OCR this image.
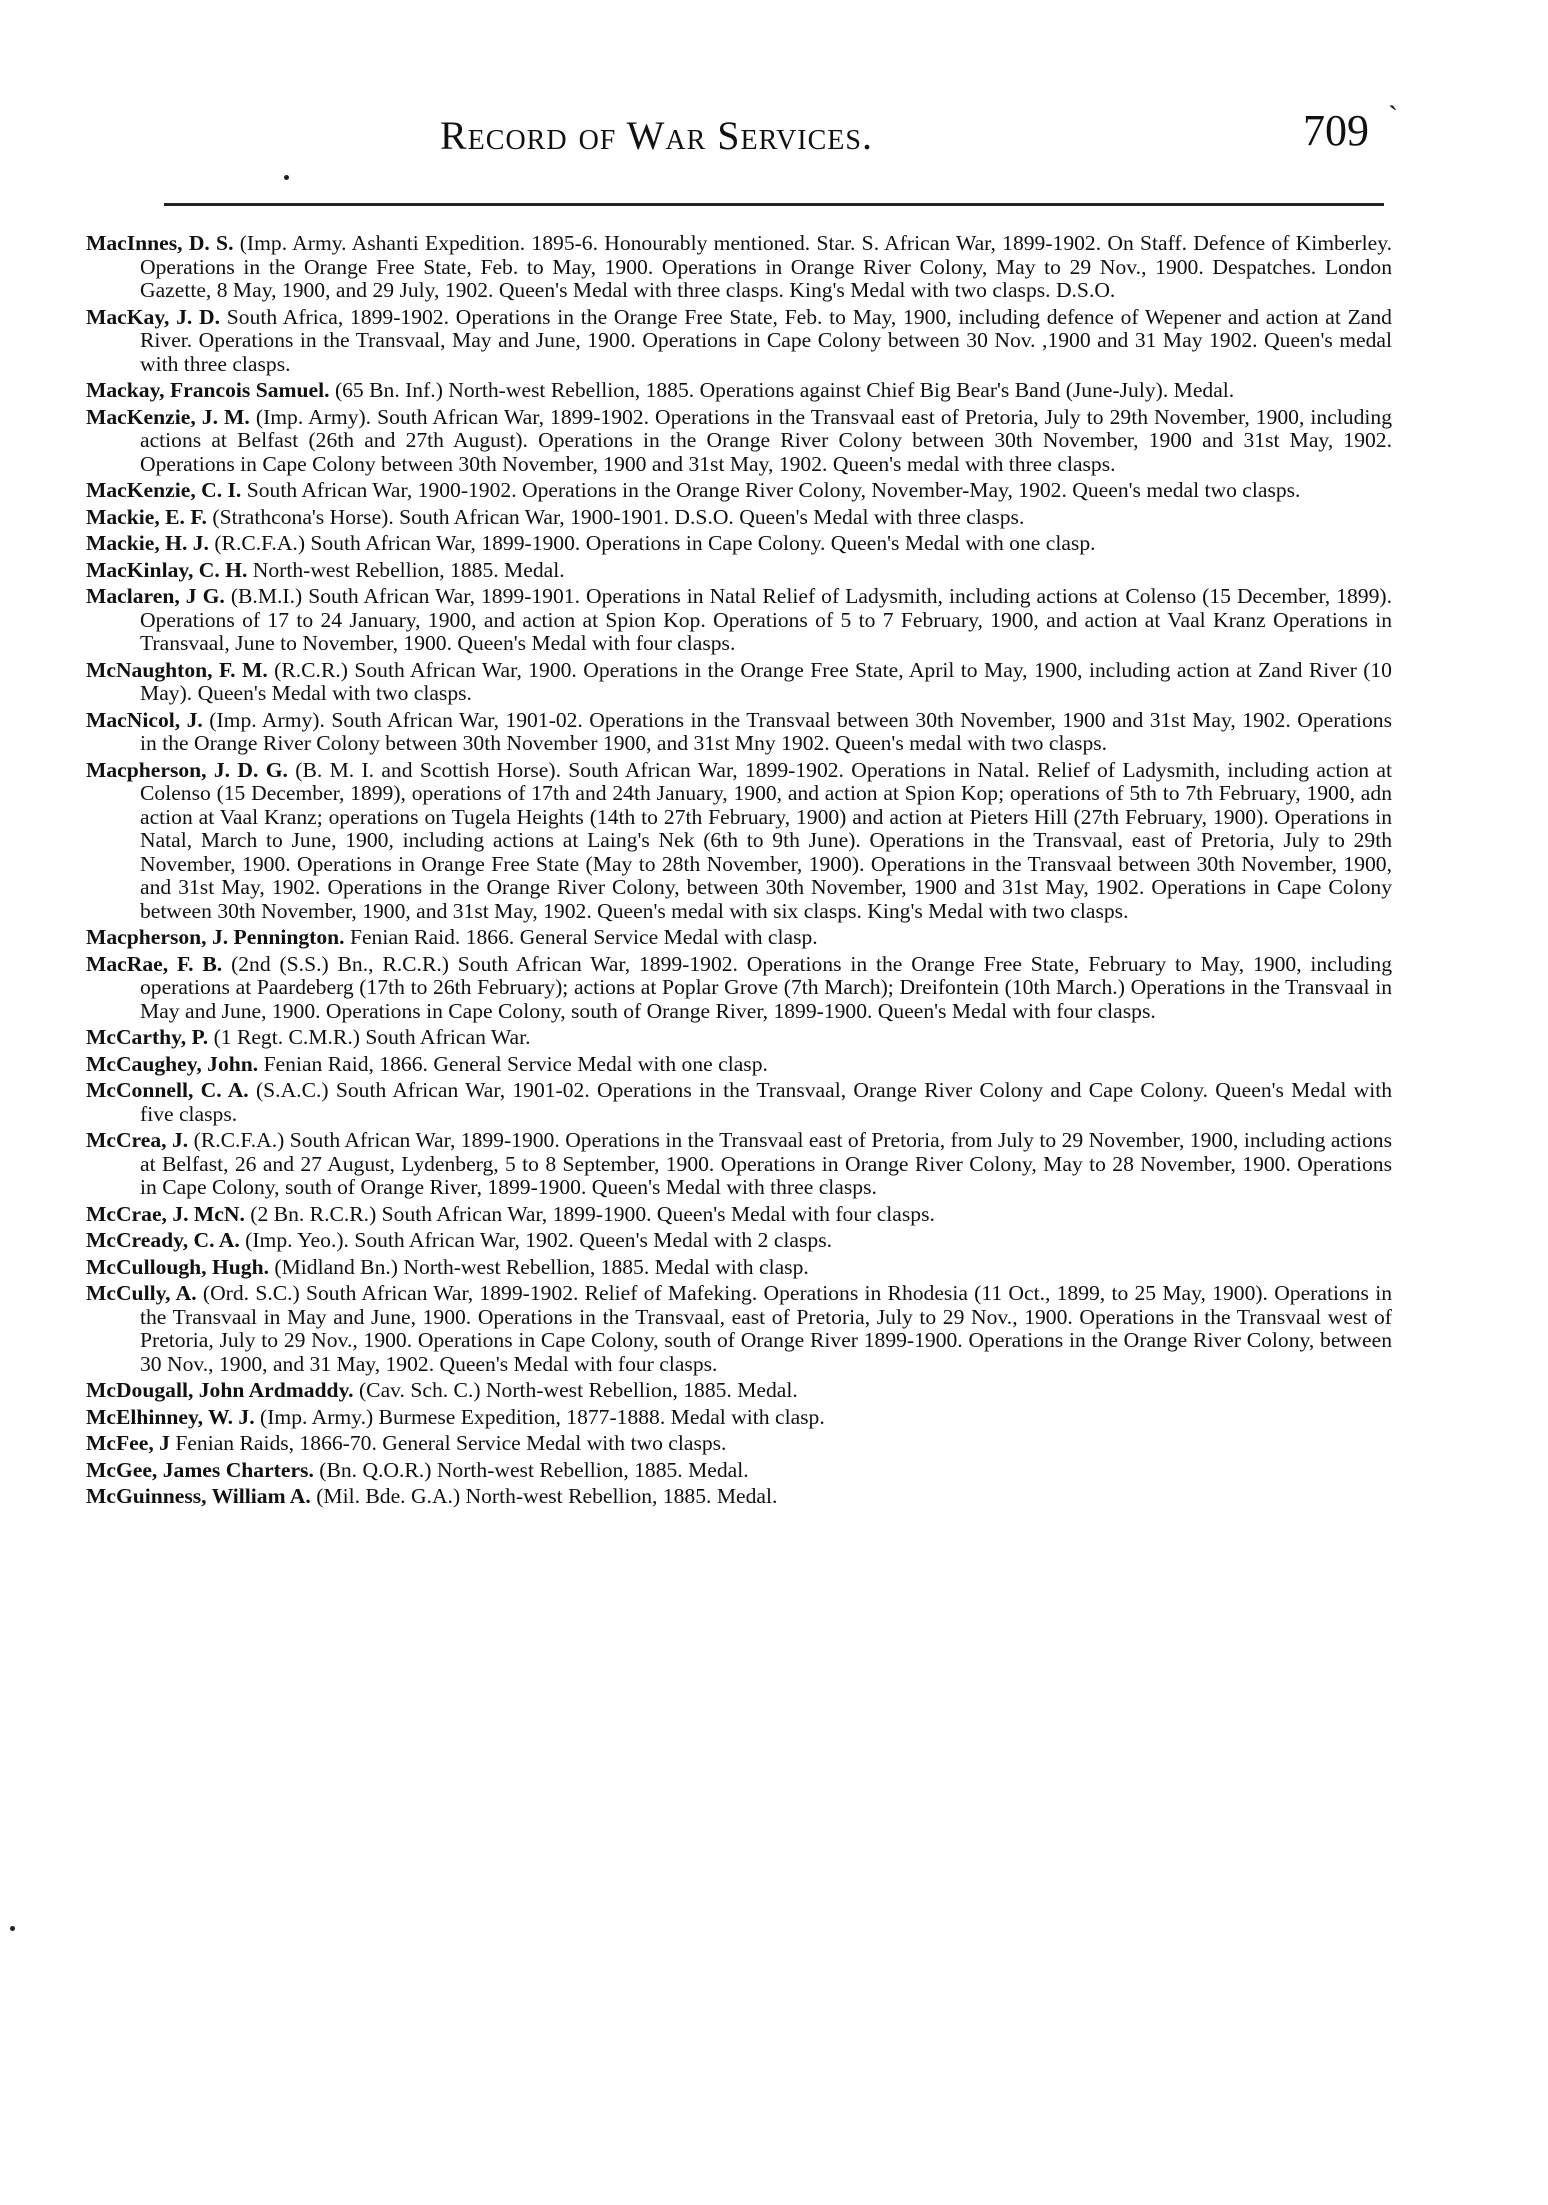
Record of War Services.	709 `

MacInnes, D. S. (Imp. Army. Ashanti Expedition. 1895-6. Honourably mentioned. Star. S. African War, 1899-1902. On Staff. Defence of Kimberley. Operations in the Orange Free State, Feb. to May, 1900. Operations in Orange River Colony, May to 29 Nov., 1900. Despatches. London Gazette, 8 May, 1900, and 29 July, 1902. Queen's Medal with three clasps. King's Medal with two clasps. D.S.O.

MacKay, J. D. South Africa, 1899-1902. Operations in the Orange Free State, Feb. to May, 1900, including defence of Wepener and action at Zand River. Operations in the Transvaal, May and June, 1900. Operations in Cape Colony between 30 Nov. ,1900 and 31 May 1902. Queen's medal with three clasps.

Mackay, Francois Samuel. (65 Bn. Inf.) North-west Rebellion, 1885. Operations against Chief Big Bear's Band (June-July). Medal.

MacKenzie, J. M. (Imp. Army). South African War, 1899-1902. Operations in the Transvaal east of Pretoria, July to 29th November, 1900, including actions at Belfast (26th and 27th August). Operations in the Orange River Colony between 30th November, 1900 and 31st May, 1902. Operations in Cape Colony between 30th November, 1900 and 31st May, 1902. Queen's medal with three clasps.

MacKenzie, C. I. South African War, 1900-1902. Operations in the Orange River Colony, November-May, 1902. Queen's medal two clasps.

Mackie, E. F. (Strathcona's Horse). South African War, 1900-1901. D.S.O. Queen's Medal with three clasps.

Mackie, H. J. (R.C.F.A.) South African War, 1899-1900. Operations in Cape Colony. Queen's Medal with one clasp.

MacKinlay, C. H. North-west Rebellion, 1885. Medal.

Maclaren, J G. (B.M.I.) South African War, 1899-1901. Operations in Natal Relief of Ladysmith, including actions at Colenso (15 December, 1899). Operations of 17 to 24 January, 1900, and action at Spion Kop. Operations of 5 to 7 February, 1900, and action at Vaal Kranz Operations in Transvaal, June to November, 1900. Queen's Medal with four clasps.

McNaughton, F. M. (R.C.R.) South African War, 1900. Operations in the Orange Free State, April to May, 1900, including action at Zand River (10 May). Queen's Medal with two clasps.

MacNicol, J. (Imp. Army). South African War, 1901-02. Operations in the Transvaal between 30th November, 1900 and 31st May, 1902. Operations in the Orange River Colony between 30th November 1900, and 31st Mny 1902. Queen's medal with two clasps.

Macpherson, J. D. G. (B. M. I. and Scottish Horse). South African War, 1899-1902. Operations in Natal. Relief of Ladysmith, including action at Colenso (15 December, 1899), operations of 17th and 24th January, 1900, and action at Spion Kop; operations of 5th to 7th February, 1900, adn action at Vaal Kranz; operations on Tugela Heights (14th to 27th February, 1900) and action at Pieters Hill (27th February, 1900). Operations in Natal, March to June, 1900, including actions at Laing's Nek (6th to 9th June). Operations in the Transvaal, east of Pretoria, July to 29th November, 1900. Operations in Orange Free State (May to 28th November, 1900). Operations in the Transvaal between 30th November, 1900, and 31st May, 1902. Operations in the Orange River Colony, between 30th November, 1900 and 31st May, 1902. Operations in Cape Colony between 30th November, 1900, and 31st May, 1902. Queen's medal with six clasps. King's Medal with two clasps.

Macpherson, J. Pennington. Fenian Raid. 1866. General Service Medal with clasp.

MacRae, F. B. (2nd (S.S.) Bn., R.C.R.) South African War, 1899-1902. Operations in the Orange Free State, February to May, 1900, including operations at Paardeberg (17th to 26th February); actions at Poplar Grove (7th March); Dreifontein (10th March.) Operations in the Transvaal in May and June, 1900. Operations in Cape Colony, south of Orange River, 1899-1900. Queen's Medal with four clasps.

McCarthy, P. (1 Regt. C.M.R.) South African War.

McCaughey, John. Fenian Raid, 1866. General Service Medal with one clasp.

McConnell, C. A. (S.A.C.) South African War, 1901-02. Operations in the Transvaal, Orange River Colony and Cape Colony. Queen's Medal with five clasps.

McCrea, J. (R.C.F.A.) South African War, 1899-1900. Operations in the Transvaal east of Pretoria, from July to 29 November, 1900, including actions at Belfast, 26 and 27 August, Lydenberg, 5 to 8 September, 1900. Operations in Orange River Colony, May to 28 November, 1900. Operations in Cape Colony, south of Orange River, 1899-1900. Queen's Medal with three clasps.

McCrae, J. McN. (2 Bn. R.C.R.) South African War, 1899-1900. Queen's Medal with four clasps.

McCready, C. A. (Imp. Yeo.). South African War, 1902. Queen's Medal with 2 clasps.

McCullough, Hugh. (Midland Bn.) North-west Rebellion, 1885. Medal with clasp.

McCully, A. (Ord. S.C.) South African War, 1899-1902. Relief of Mafeking. Operations in Rhodesia (11 Oct., 1899, to 25 May, 1900). Operations in the Transvaal in May and June, 1900. Operations in the Transvaal, east of Pretoria, July to 29 Nov., 1900. Operations in the Transvaal west of Pretoria, July to 29 Nov., 1900. Operations in Cape Colony, south of Orange River 1899-1900. Operations in the Orange River Colony, between 30 Nov., 1900, and 31 May, 1902. Queen's Medal with four clasps.

McDougall, John Ardmaddy. (Cav. Sch. C.) North-west Rebellion, 1885. Medal.

McElhinney, W. J. (Imp. Army.) Burmese Expedition, 1877-1888. Medal with clasp.

McFee, J Fenian Raids, 1866-70. General Service Medal with two clasps.

McGee, James Charters. (Bn. Q.O.R.) North-west Rebellion, 1885. Medal.

McGuinness, William A. (Mil. Bde. G.A.) North-west Rebellion, 1885. Medal.
